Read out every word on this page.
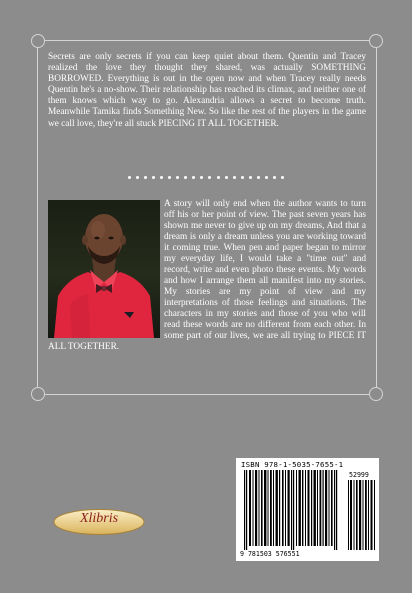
Secrets are only secrets if you can keep quiet about them. Quentin and Tracey realized the love they thought they shared, was actually SOMETHING BORROWED. Everything is out in the open now and when Tracey really needs Quentin he's a no-show. Their relationship has reached its climax, and neither one of them knows which way to go. Alexandria allows a secret to become truth. Meanwhile Tamika finds Something New. So like the rest of the players in the game we call love, they're all stuck PIECING IT ALL TOGETHER.

A story will only end when the author wants to turn off his or her point of view. The past seven years has shown me never to give up on my dreams, And that a dream is only a dream unless you are working toward it coming true. When pen and paper began to mirror my everyday life, I would take a "time out" and record, write and even photo these events. My words and how I arrange them all manifest into my stories. My stories are my point of view and my interpretations of those feelings and situations. The characters in my stories and those of you who will read these words are no different from each other. In some part of our lives, we are all trying to PIECE IT ALL TOGETHER.

ISBN 978-1-5035-7655-1
52999
9 781503 576551
Xlibris
